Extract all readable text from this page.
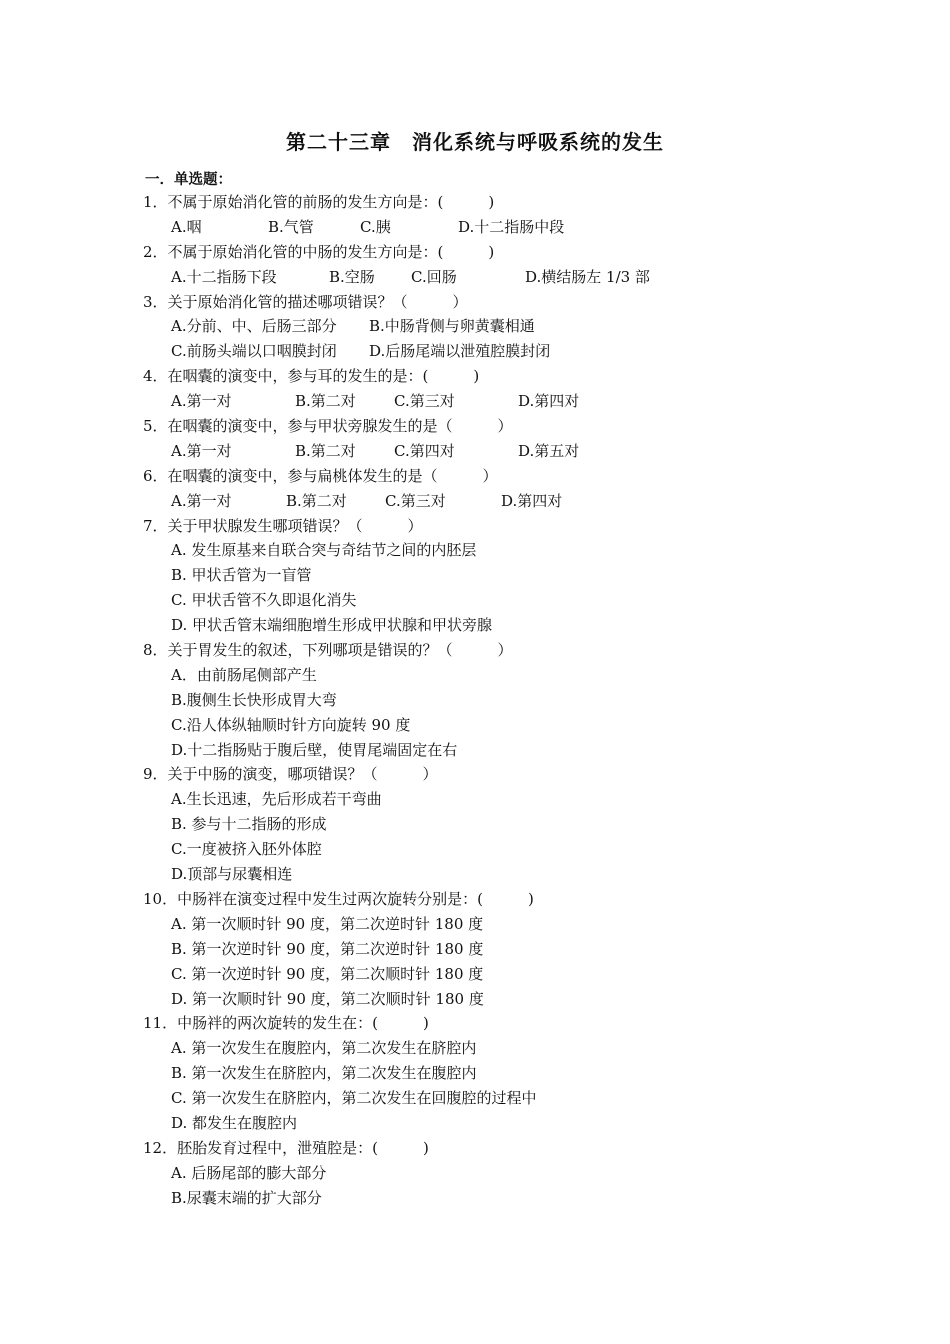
第二十三章　消化系统与呼吸系统的发生
一．单选题：
1．不属于原始消化管的前肠的发生方向是：(　　　)
A.咽	B.气管	C.胰	D.十二指肠中段
2．不属于原始消化管的中肠的发生方向是：(　　　)
A.十二指肠下段	B.空肠 C.回肠	D.横结肠左 1/3 部
3．关于原始消化管的描述哪项错误？（　　　）
A.分前、中、后肠三部分 B.中肠背侧与卵黄囊相通
C.前肠头端以口咽膜封闭 D.后肠尾端以泄殖腔膜封闭
4．在咽囊的演变中，参与耳的发生的是：(　　　)
A.第一对	B.第二对	C.第三对	D.第四对
5．在咽囊的演变中，参与甲状旁腺发生的是（　　　）
A.第一对	B.第二对	C.第四对	D.第五对
6．在咽囊的演变中，参与扁桃体发生的是（　　　）
A.第一对	B.第二对	C.第三对	D.第四对
7．关于甲状腺发生哪项错误？（　　　）
A. 发生原基来自联合突与奇结节之间的内胚层
B. 甲状舌管为一盲管
C. 甲状舌管不久即退化消失
D. 甲状舌管末端细胞增生形成甲状腺和甲状旁腺
8．关于胃发生的叙述，下列哪项是错误的？（　　　）
A．由前肠尾侧部产生
B.腹侧生长快形成胃大弯
C.沿人体纵轴顺时针方向旋转 90 度
D.十二指肠贴于腹后壁，使胃尾端固定在右
9．关于中肠的演变，哪项错误？（　　　）
A.生长迅速，先后形成若干弯曲
B. 参与十二指肠的形成
C.一度被挤入胚外体腔
D.顶部与尿囊相连
10．中肠袢在演变过程中发生过两次旋转分别是：(　　　)
A. 第一次顺时针 90 度，第二次逆时针 180 度
B. 第一次逆时针 90 度，第二次逆时针 180 度
C. 第一次逆时针 90 度，第二次顺时针 180 度
D. 第一次顺时针 90 度，第二次顺时针 180 度
11．中肠袢的两次旋转的发生在：(　　　)
A. 第一次发生在腹腔内，第二次发生在脐腔内
B. 第一次发生在脐腔内，第二次发生在腹腔内
C. 第一次发生在脐腔内，第二次发生在回腹腔的过程中
D. 都发生在腹腔内
12．胚胎发育过程中，泄殖腔是：(　　　)
A. 后肠尾部的膨大部分
B.尿囊末端的扩大部分
